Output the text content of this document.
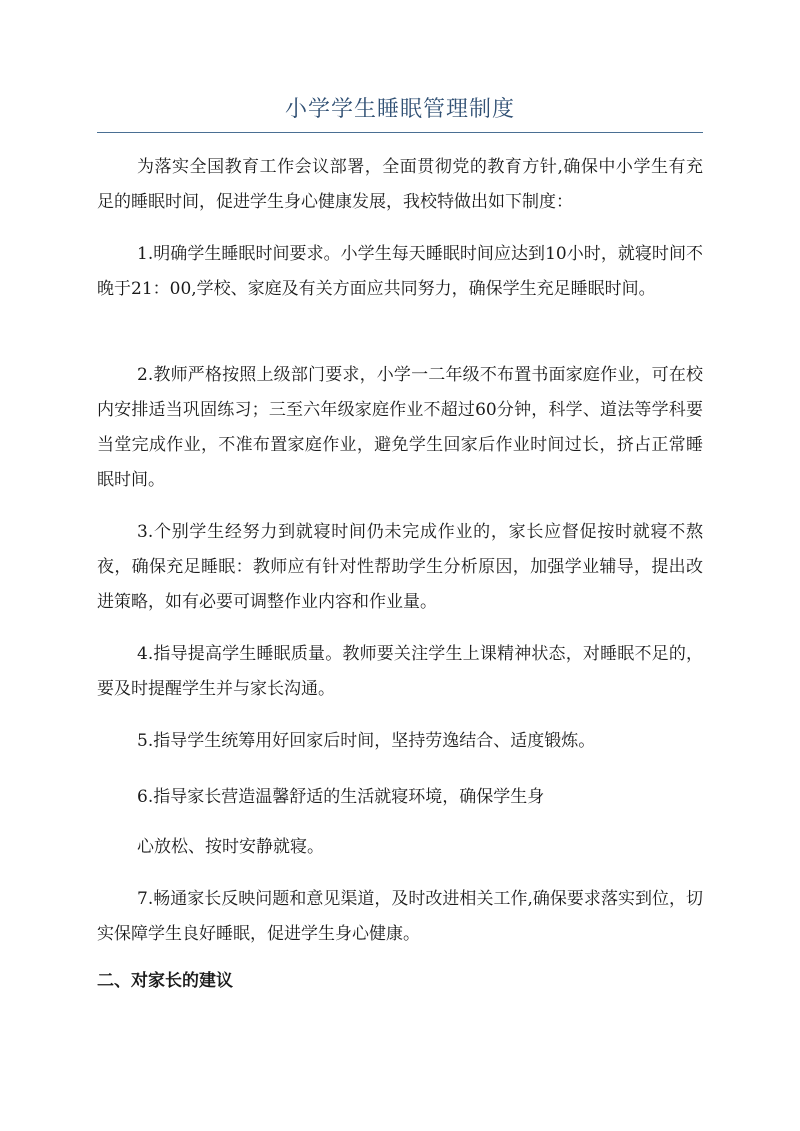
小学学生睡眠管理制度

为落实全国教育工作会议部署，全面贯彻党的教育方针,确保中小学生有充足的睡眠时间，促进学生身心健康发展，我校特做出如下制度：

1.明确学生睡眠时间要求。小学生每天睡眠时间应达到10小时，就寝时间不晚于21：00,学校、家庭及有关方面应共同努力，确保学生充足睡眠时间。

2.教师严格按照上级部门要求，小学一二年级不布置书面家庭作业，可在校内安排适当巩固练习；三至六年级家庭作业不超过60分钟，科学、道法等学科要当堂完成作业，不准布置家庭作业，避免学生回家后作业时间过长，挤占正常睡眠时间。

3.个别学生经努力到就寝时间仍未完成作业的，家长应督促按时就寝不熬夜，确保充足睡眠：教师应有针对性帮助学生分析原因，加强学业辅导，提出改进策略，如有必要可调整作业内容和作业量。

4.指导提高学生睡眠质量。教师要关注学生上课精神状态，对睡眠不足的，要及时提醒学生并与家长沟通。

5.指导学生统筹用好回家后时间，坚持劳逸结合、适度锻炼。

6.指导家长营造温馨舒适的生活就寝环境，确保学生身

心放松、按时安静就寝。

7.畅通家长反映问题和意见渠道，及时改进相关工作,确保要求落实到位，切实保障学生良好睡眠，促进学生身心健康。

二、对家长的建议
